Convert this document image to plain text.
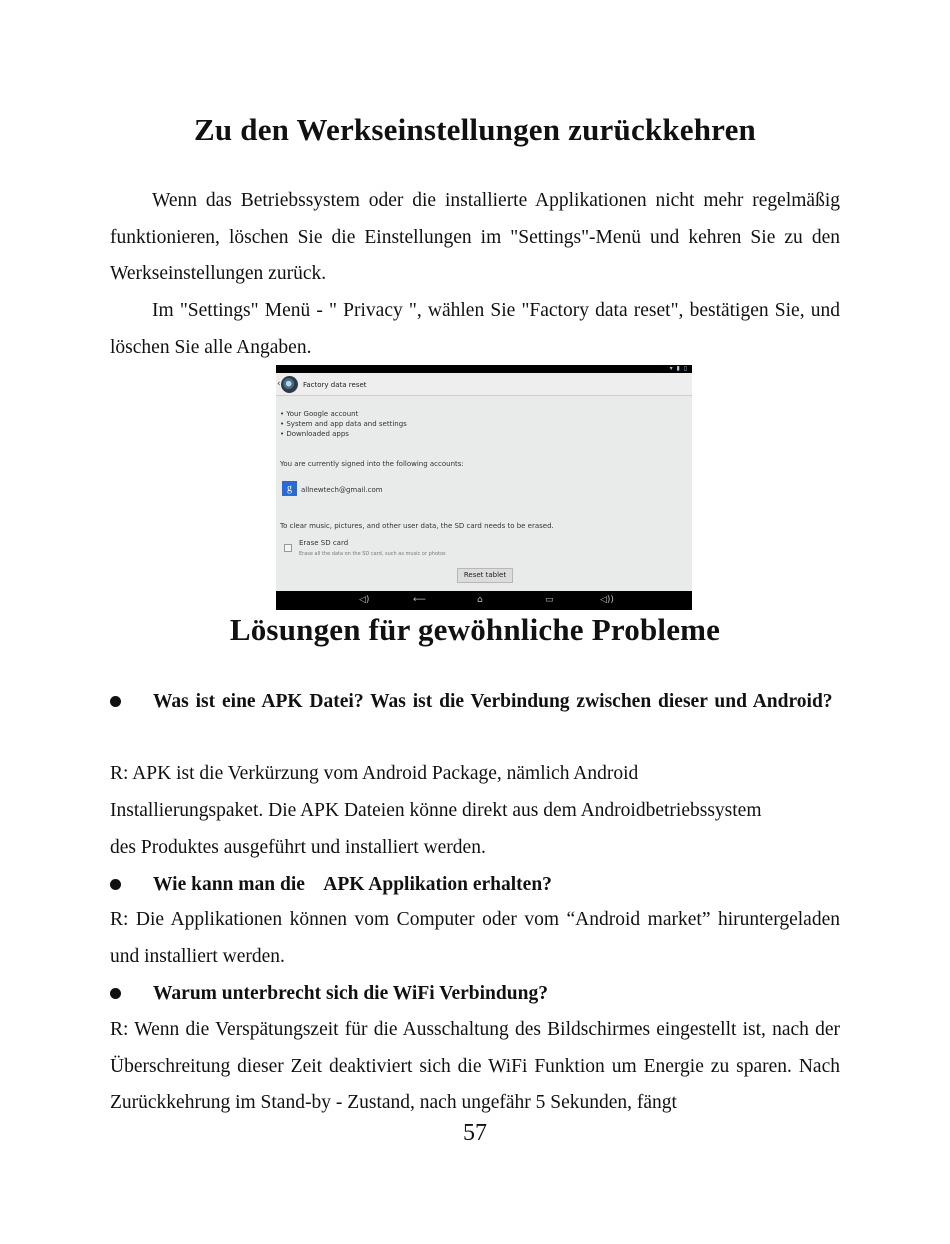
Zu den Werkseinstellungen zurückkehren
Wenn das Betriebssystem oder die installierte Applikationen nicht mehr regelmäßig funktionieren, löschen Sie die Einstellungen im "Settings"-Menü und kehren Sie zu den Werkseinstellungen zurück.
Im "Settings" Menü - " Privacy ", wählen Sie "Factory data reset", bestätigen Sie, und löschen Sie alle Angaben.
▾ ▮ ▯
‹	Factory data reset
• Your Google account
• System and app data and settings
• Downloaded apps
You are currently signed into the following accounts:
g	allnewtech@gmail.com
To clear music, pictures, and other user data, the SD card needs to be erased.
Erase SD card
Erase all the data on the SD card, such as music or photos
Reset tablet
◁)	⟵	⌂	▭	◁))
Lösungen für gewöhnliche Probleme
Was ist eine APK Datei? Was ist die Verbindung zwischen dieser und Android?
R: APK ist die Verkürzung vom Android Package, nämlich Android
Installierungspaket. Die APK Dateien könne direkt aus dem Androidbetriebssystem
des Produktes ausgeführt und installiert werden.
Wie kann man die    APK Applikation erhalten?
R: Die Applikationen können vom Computer oder vom “Android market” hiruntergeladen und installiert werden.
Warum unterbrecht sich die WiFi Verbindung?
R: Wenn die Verspätungszeit für die Ausschaltung des Bildschirmes eingestellt ist, nach der Überschreitung dieser Zeit deaktiviert sich die WiFi Funktion um Energie zu sparen. Nach Zurückkehrung im Stand-by - Zustand, nach ungefähr 5 Sekunden, fängt
57
